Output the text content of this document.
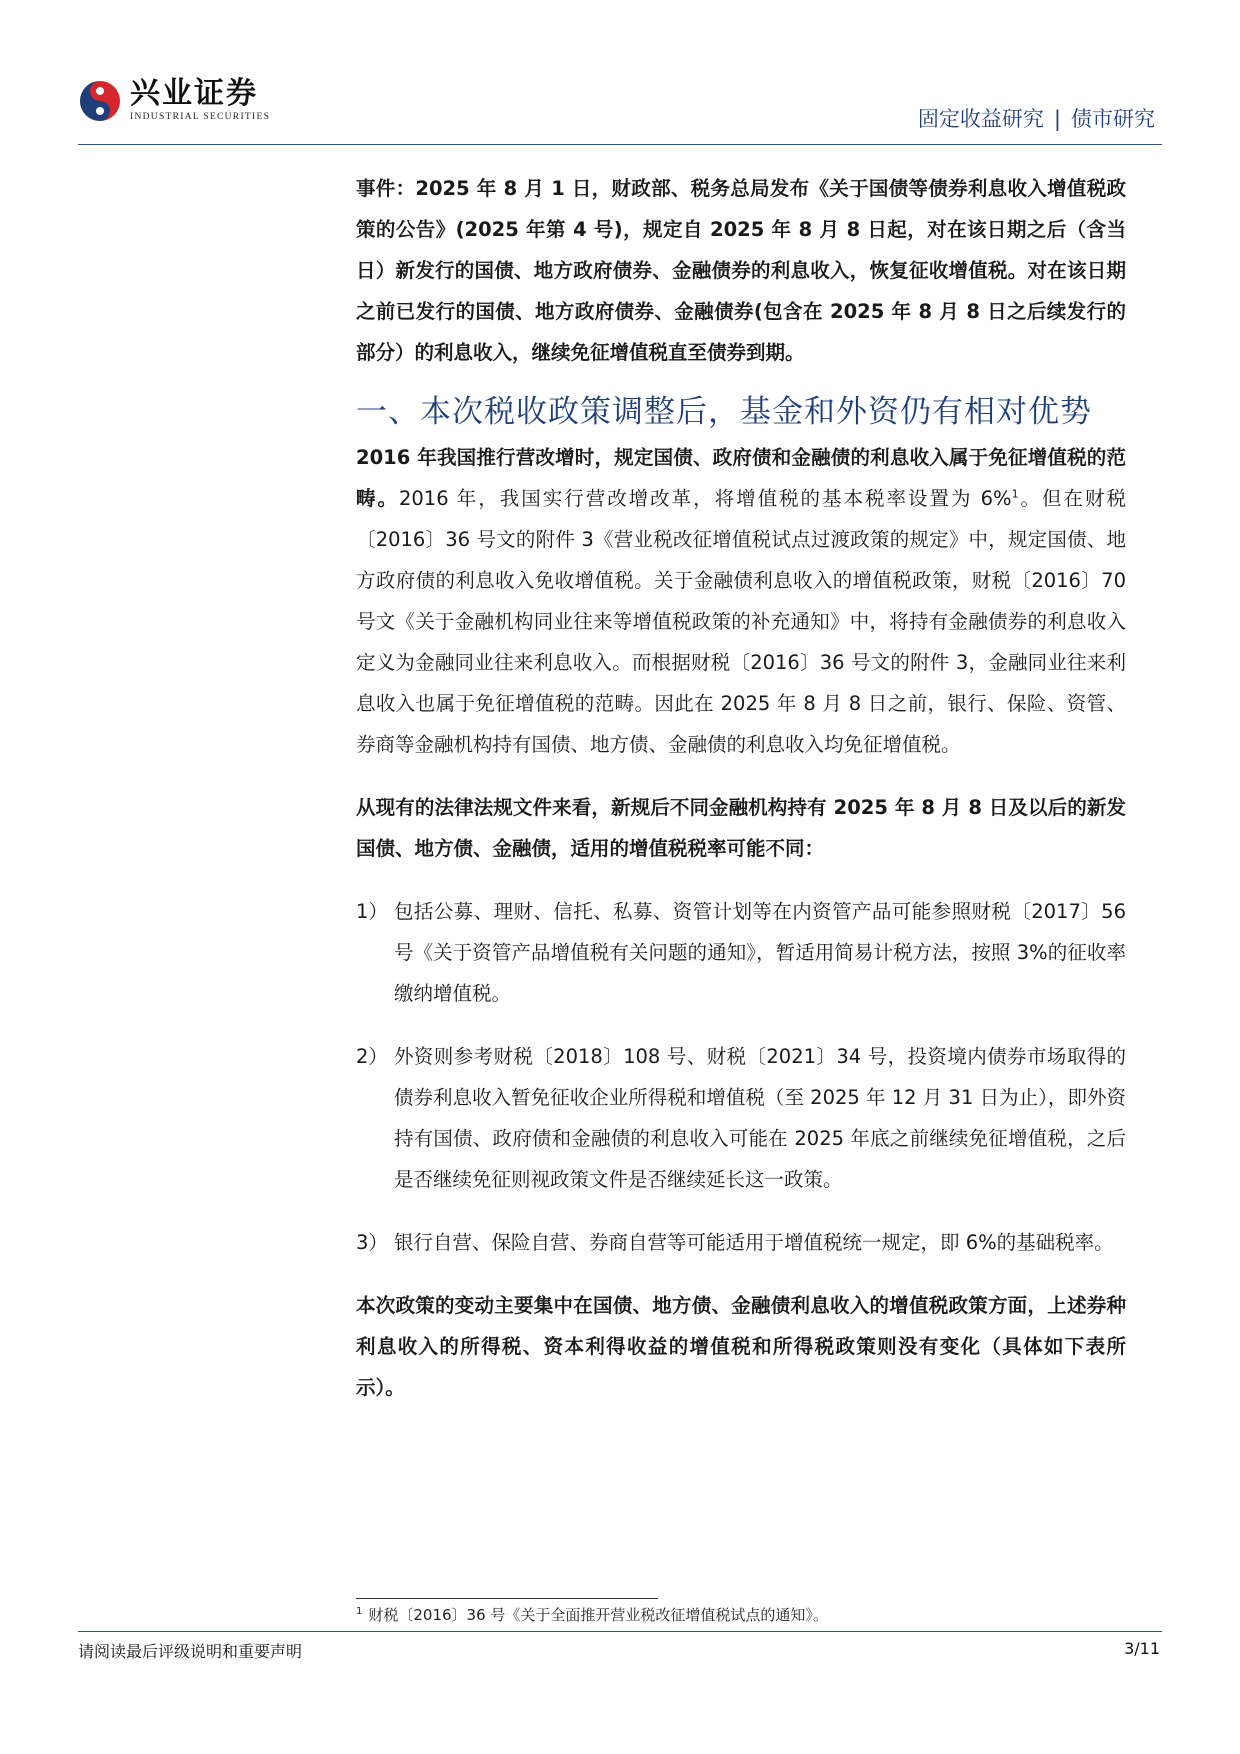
兴业证券
INDUSTRIAL SECURITIES	固定收益研究 | 债市研究

事件：2025 年 8 月 1 日，财政部、税务总局发布《关于国债等债券利息收入增值税政策的公告》(2025 年第 4 号)，规定自 2025 年 8 月 8 日起，对在该日期之后（含当日）新发行的国债、地方政府债券、金融债券的利息收入，恢复征收增值税。对在该日期之前已发行的国债、地方政府债券、金融债券(包含在 2025 年 8 月 8 日之后续发行的部分）的利息收入，继续免征增值税直至债券到期。

一、本次税收政策调整后，基金和外资仍有相对优势

2016 年我国推行营改增时，规定国债、政府债和金融债的利息收入属于免征增值税的范畴。2016 年，我国实行营改增改革，将增值税的基本税率设置为 6%$^1$。但在财税〔2016〕36 号文的附件 3《营业税改征增值税试点过渡政策的规定》中，规定国债、地方政府债的利息收入免收增值税。关于金融债利息收入的增值税政策，财税〔2016〕70 号文《关于金融机构同业往来等增值税政策的补充通知》中，将持有金融债券的利息收入定义为金融同业往来利息收入。而根据财税〔2016〕36 号文的附件 3，金融同业往来利息收入也属于免征增值税的范畴。因此在 2025 年 8 月 8 日之前，银行、保险、资管、券商等金融机构持有国债、地方债、金融债的利息收入均免征增值税。

从现有的法律法规文件来看，新规后不同金融机构持有 2025 年 8 月 8 日及以后的新发国债、地方债、金融债，适用的增值税税率可能不同：

1） 包括公募、理财、信托、私募、资管计划等在内资管产品可能参照财税〔2017〕56 号《关于资管产品增值税有关问题的通知》，暂适用简易计税方法，按照 3%的征收率缴纳增值税。
2） 外资则参考财税〔2018〕108 号、财税〔2021〕34 号，投资境内债券市场取得的债券利息收入暂免征收企业所得税和增值税（至 2025 年 12 月 31 日为止），即外资持有国债、政府债和金融债的利息收入可能在 2025 年底之前继续免征增值税，之后是否继续免征则视政策文件是否继续延长这一政策。
3） 银行自营、保险自营、券商自营等可能适用于增值税统一规定，即 6%的基础税率。

本次政策的变动主要集中在国债、地方债、金融债利息收入的增值税政策方面，上述券种利息收入的所得税、资本利得收益的增值税和所得税政策则没有变化（具体如下表所示）。

$^1$ 财税〔2016〕36 号《关于全面推开营业税改征增值税试点的通知》。
请阅读最后评级说明和重要声明	3/11
